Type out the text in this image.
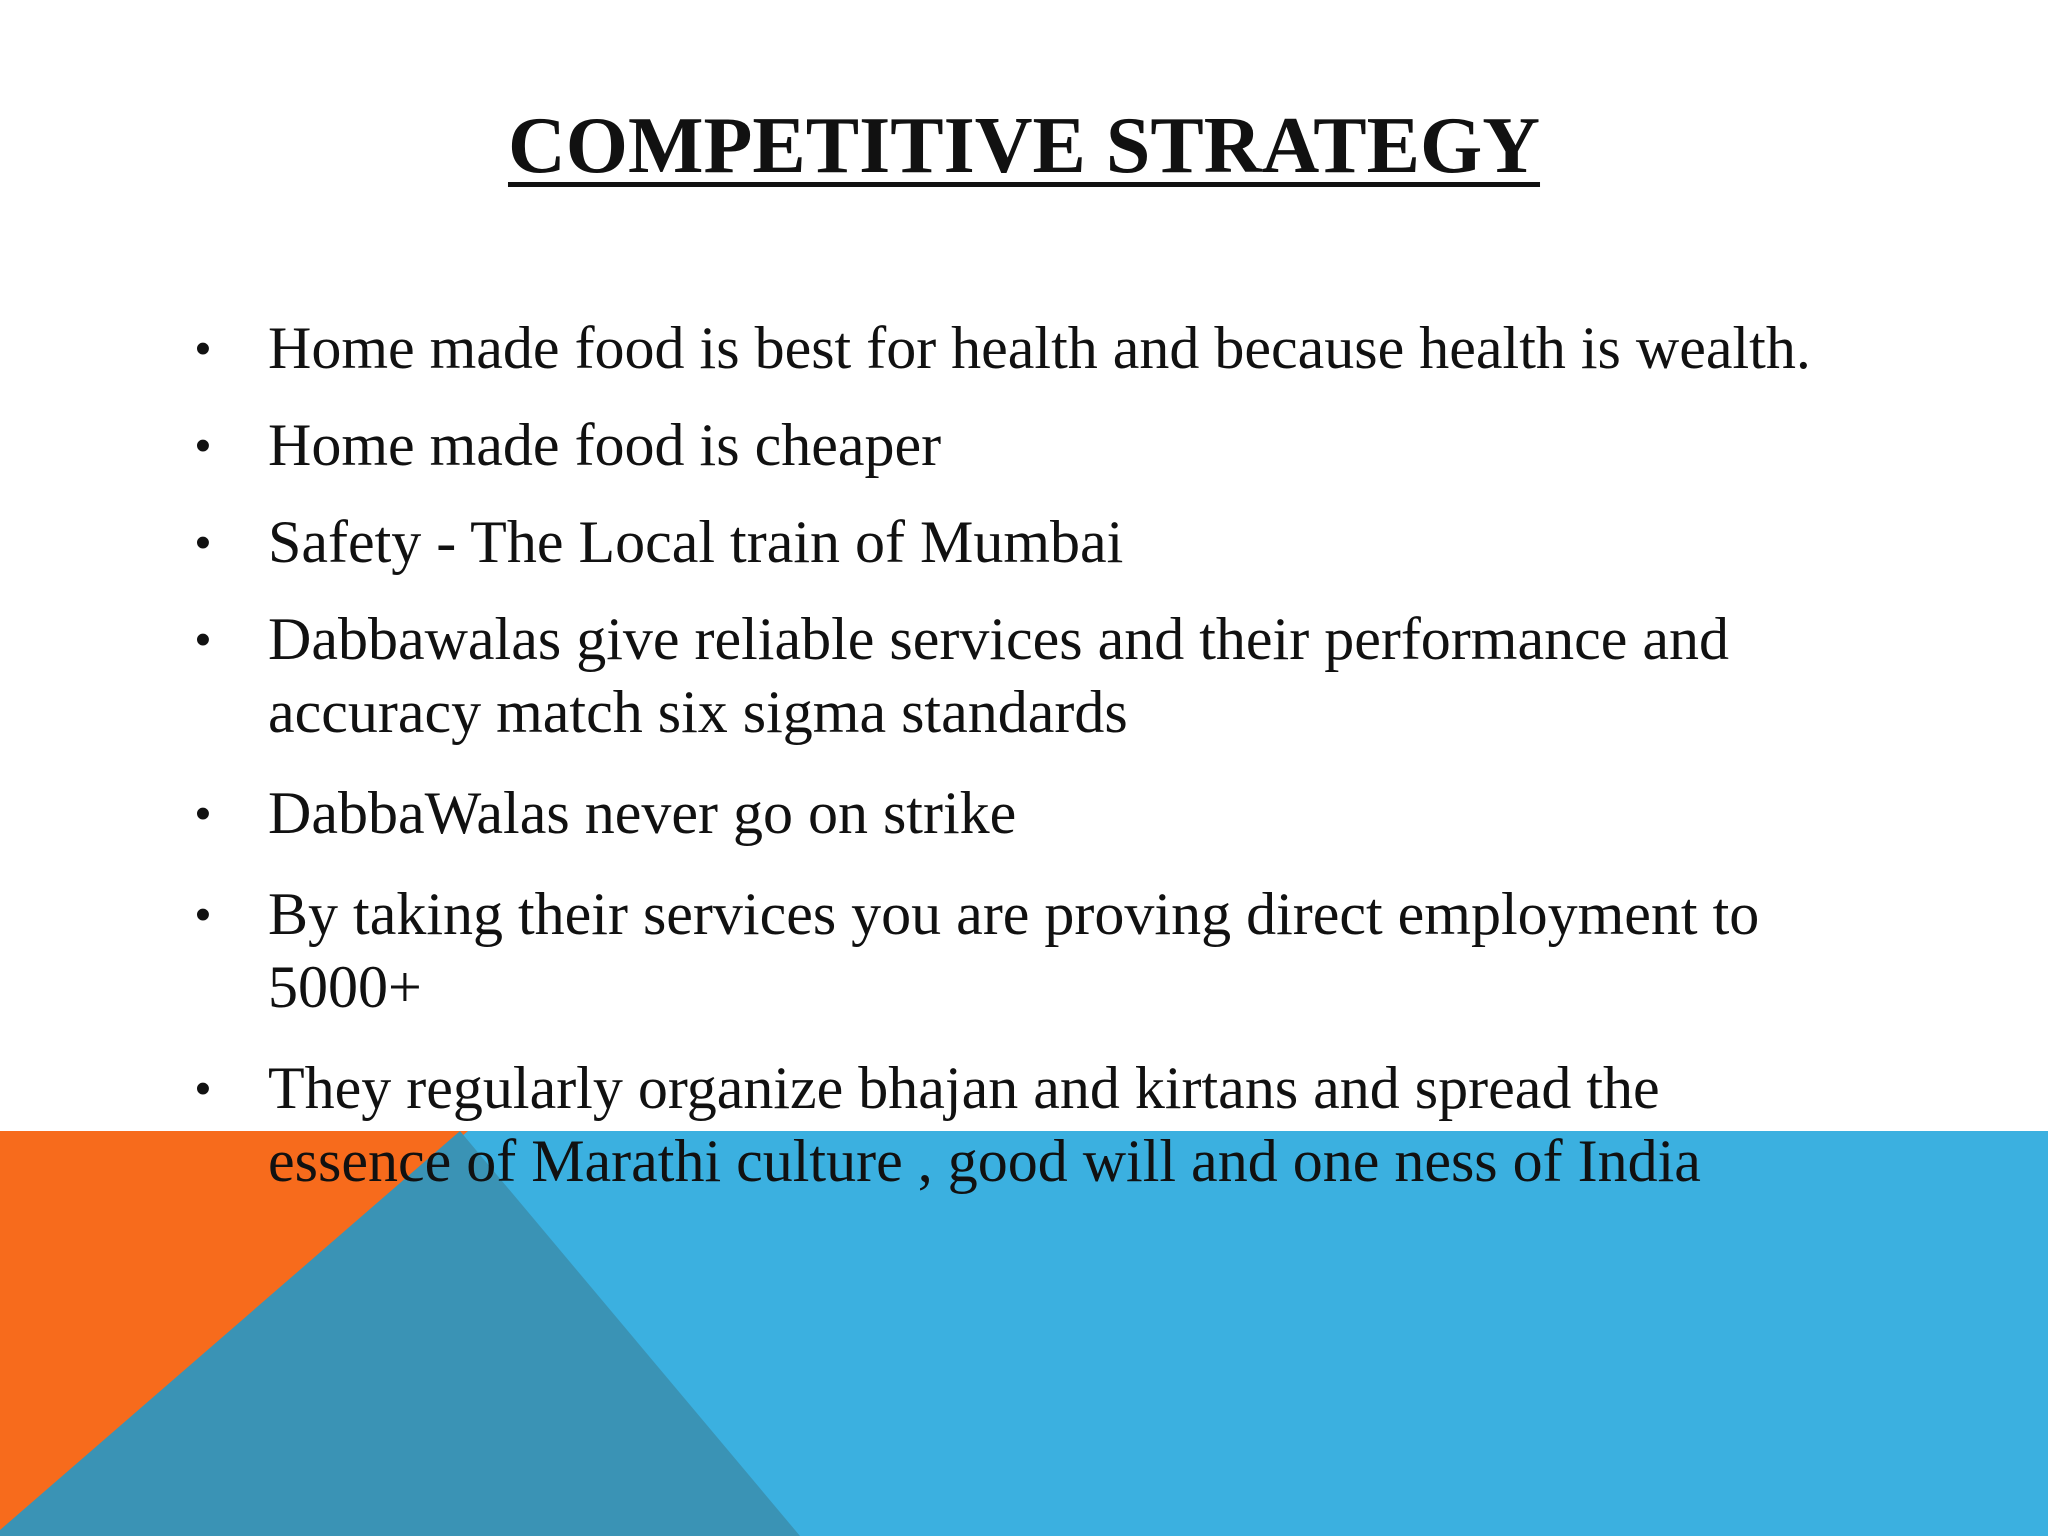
COMPETITIVE STRATEGY
• Home made food is best for health and because health is wealth.
• Home made food is cheaper
• Safety - The Local train of Mumbai
• Dabbawalas give reliable services and their performance and accuracy match six sigma standards
• DabbaWalas never go on strike
• By taking their services you are proving direct employment to 5000+
• They regularly organize bhajan and kirtans and spread the essence of Marathi culture , good will and one ness of India
